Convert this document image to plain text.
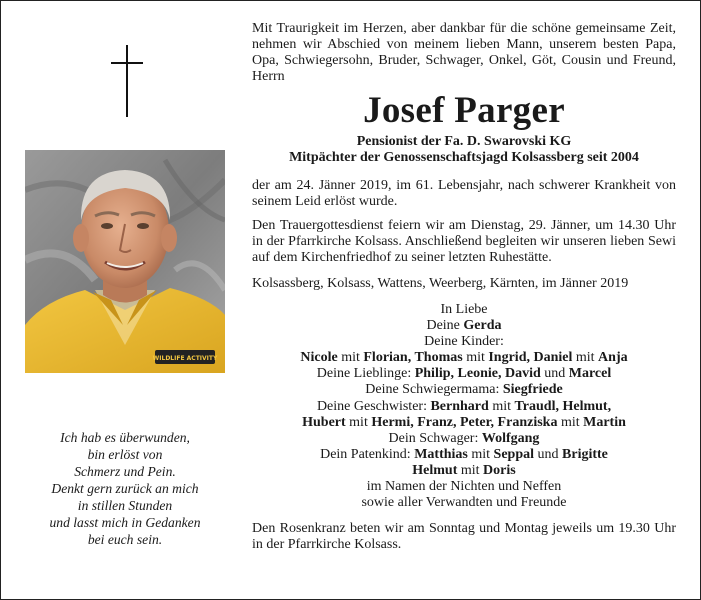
WILDLIFE ACTIVITY
Ich hab es überwunden,
bin erlöst von
Schmerz und Pein.
Denkt gern zurück an mich
in stillen Stunden
und lasst mich in Gedanken
bei euch sein.
Mit Traurigkeit im Herzen, aber dankbar für die schöne gemeinsame Zeit, nehmen wir Abschied von meinem lieben Mann, unserem besten Papa, Opa, Schwiegersohn, Bruder, Schwager, Onkel, Göt, Cousin und Freund, Herrn
Josef Parger
Pensionist der Fa. D. Swarovski KG
Mitpächter der Genossenschaftsjagd Kolsassberg seit 2004
der am 24. Jänner 2019, im 61. Lebensjahr, nach schwerer Krankheit von seinem Leid erlöst wurde.
Den Trauergottesdienst feiern wir am Dienstag, 29. Jänner, um 14.30 Uhr in der Pfarrkirche Kolsass. Anschließend begleiten wir unseren lieben Sewi auf dem Kirchenfriedhof zu seiner letzten Ruhestätte.
Kolsassberg, Kolsass, Wattens, Weerberg, Kärnten, im Jänner 2019
In Liebe
Deine Gerda
Deine Kinder:
Nicole mit Florian, Thomas mit Ingrid, Daniel mit Anja
Deine Lieblinge: Philip, Leonie, David und Marcel
Deine Schwiegermama: Siegfriede
Deine Geschwister: Bernhard mit Traudl, Helmut,
Hubert mit Hermi, Franz, Peter, Franziska mit Martin
Dein Schwager: Wolfgang
Dein Patenkind: Matthias mit Seppal und Brigitte
Helmut mit Doris
im Namen der Nichten und Neffen
sowie aller Verwandten und Freunde
Den Rosenkranz beten wir am Sonntag und Montag jeweils um 19.30 Uhr in der Pfarrkirche Kolsass.
